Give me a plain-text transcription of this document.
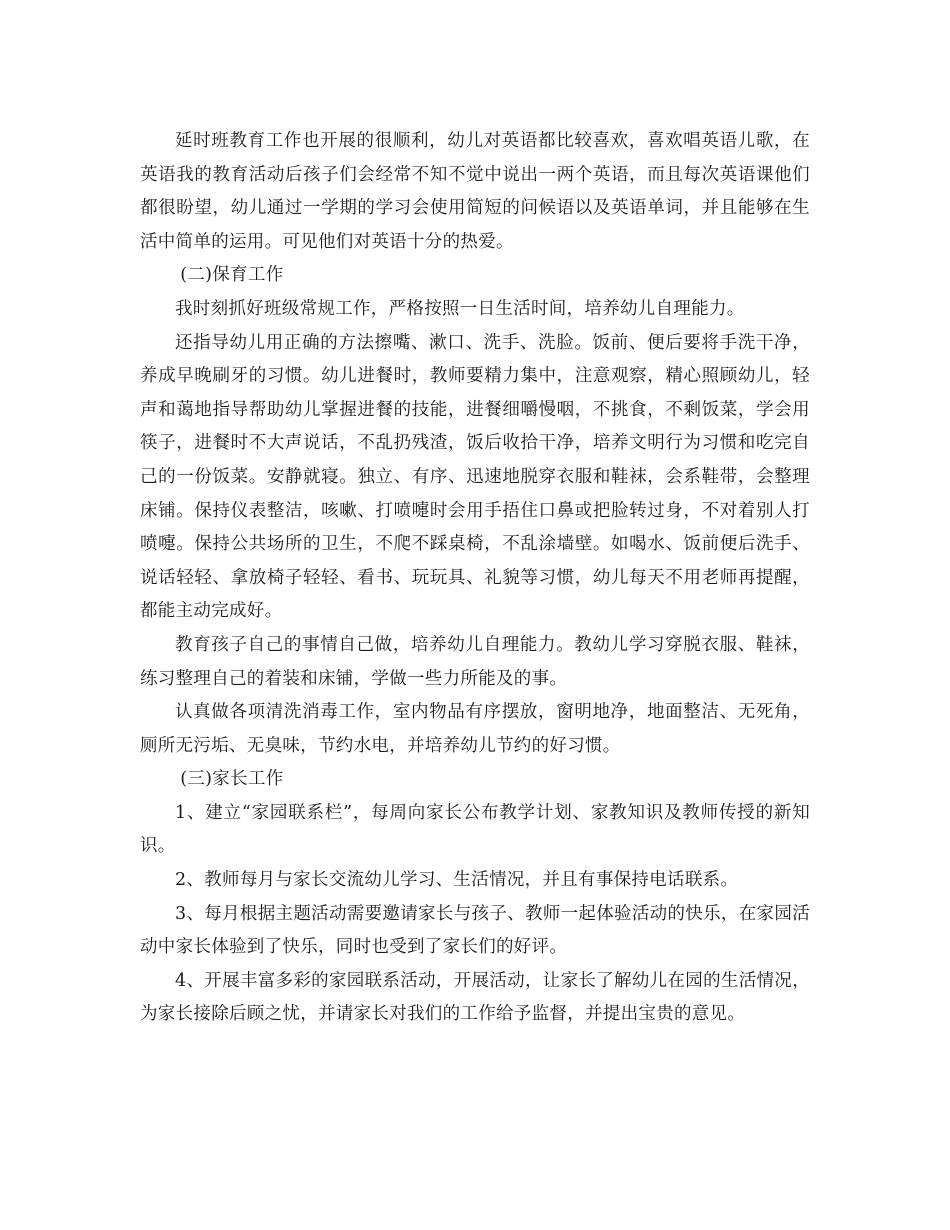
延时班教育工作也开展的很顺利，幼儿对英语都比较喜欢，喜欢唱英语儿歌，在英语我的教育活动后孩子们会经常不知不觉中说出一两个英语，而且每次英语课他们都很盼望，幼儿通过一学期的学习会使用简短的问候语以及英语单词，并且能够在生活中简单的运用。可见他们对英语十分的热爱。

(二)保育工作

我时刻抓好班级常规工作，严格按照一日生活时间，培养幼儿自理能力。

还指导幼儿用正确的方法擦嘴、漱口、洗手、洗脸。饭前、便后要将手洗干净，养成早晚刷牙的习惯。幼儿进餐时，教师要精力集中，注意观察，精心照顾幼儿，轻声和蔼地指导帮助幼儿掌握进餐的技能，进餐细嚼慢咽，不挑食，不剩饭菜，学会用筷子，进餐时不大声说话，不乱扔残渣，饭后收拾干净，培养文明行为习惯和吃完自己的一份饭菜。安静就寝。独立、有序、迅速地脱穿衣服和鞋袜，会系鞋带，会整理床铺。保持仪表整洁，咳嗽、打喷嚏时会用手捂住口鼻或把脸转过身，不对着别人打喷嚏。保持公共场所的卫生，不爬不踩桌椅，不乱涂墙壁。如喝水、饭前便后洗手、说话轻轻、拿放椅子轻轻、看书、玩玩具、礼貌等习惯，幼儿每天不用老师再提醒，都能主动完成好。

教育孩子自己的事情自己做，培养幼儿自理能力。教幼儿学习穿脱衣服、鞋袜，练习整理自己的着装和床铺，学做一些力所能及的事。

认真做各项清洗消毒工作，室内物品有序摆放，窗明地净，地面整洁、无死角，厕所无污垢、无臭味，节约水电，并培养幼儿节约的好习惯。

(三)家长工作

1、建立“家园联系栏”，每周向家长公布教学计划、家教知识及教师传授的新知识。

2、教师每月与家长交流幼儿学习、生活情况，并且有事保持电话联系。

3、每月根据主题活动需要邀请家长与孩子、教师一起体验活动的快乐，在家园活动中家长体验到了快乐，同时也受到了家长们的好评。

4、开展丰富多彩的家园联系活动，开展活动，让家长了解幼儿在园的生活情况，为家长接除后顾之忧，并请家长对我们的工作给予监督，并提出宝贵的意见。
